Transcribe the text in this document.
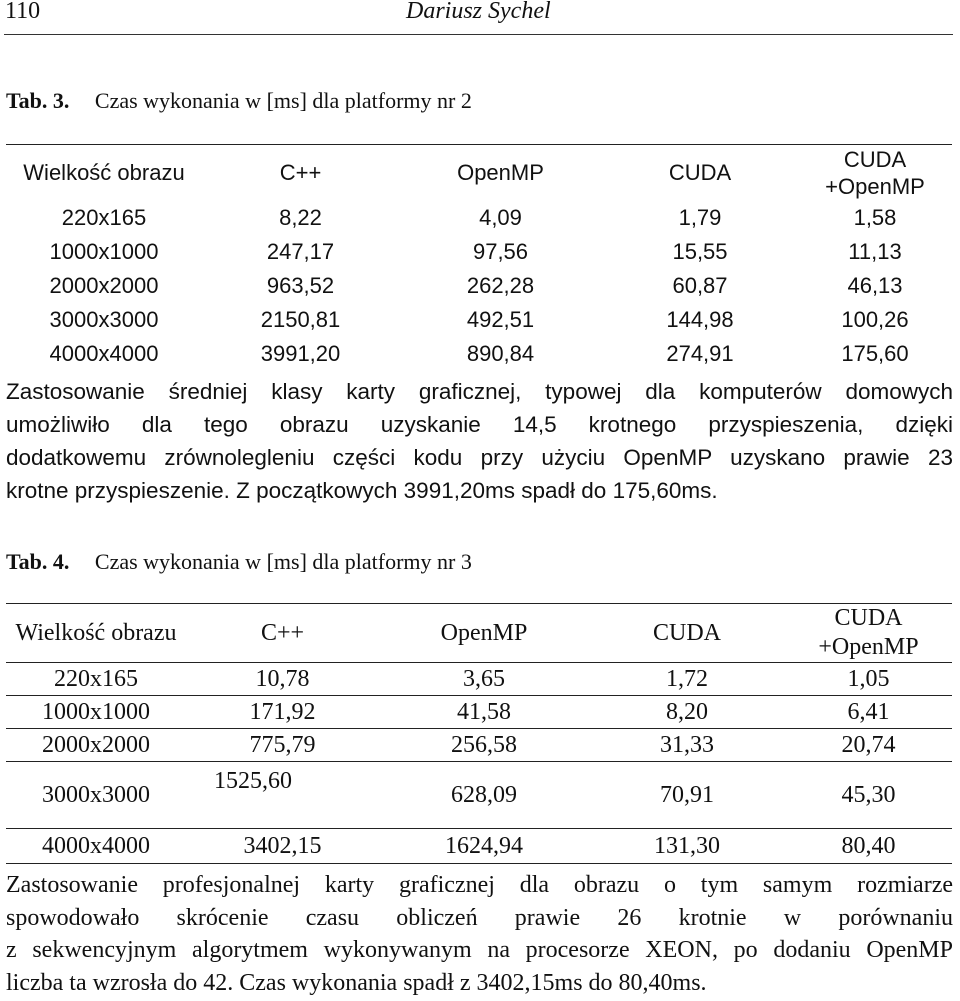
110	Dariusz Sychel
Tab. 3. Czas wykonania w [ms] dla platformy nr 2
Wielkość obrazu	C++	OpenMP	CUDA	CUDA +OpenMP
220x165	8,22	4,09	1,79	1,58
1000x1000	247,17	97,56	15,55	11,13
2000x2000	963,52	262,28	60,87	46,13
3000x3000	2150,81	492,51	144,98	100,26
4000x4000	3991,20	890,84	274,91	175,60
Zastosowanie średniej klasy karty graficznej, typowej dla komputerów domowych
umożliwiło dla tego obrazu uzyskanie 14,5 krotnego przyspieszenia, dzięki
dodatkowemu zrównoleglеniu części kodu przy użyciu OpenMP uzyskano prawie 23
krotne przyspieszenie. Z początkowych 3991,20ms spadł do 175,60ms.
Tab. 4. Czas wykonania w [ms] dla platformy nr 3
Wielkość obrazu	C++	OpenMP	CUDA	CUDA +OpenMP
220x165	10,78	3,65	1,72	1,05
1000x1000	171,92	41,58	8,20	6,41
2000x2000	775,79	256,58	31,33	20,74
3000x3000	1525,60	628,09	70,91	45,30
4000x4000	3402,15	1624,94	131,30	80,40
Zastosowanie profesjonalnej karty graficznej dla obrazu o tym samym rozmiarze
spowodowało skrócenie czasu obliczeń prawie 26 krotnie w porównaniu
z sekwencyjnym algorytmem wykonywanym na procesorze XEON, po dodaniu OpenMP
liczba ta wzrosła do 42. Czas wykonania spadł z 3402,15ms do 80,40ms.
